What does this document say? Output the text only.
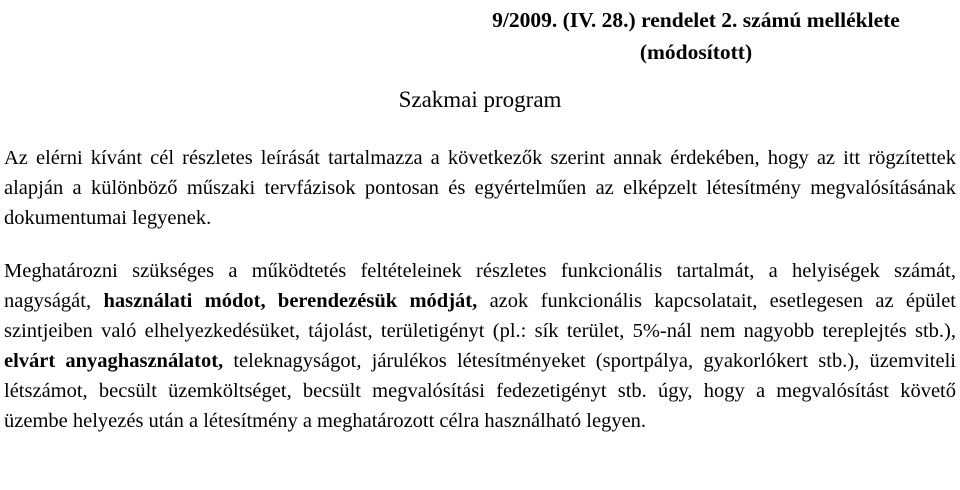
9/2009. (IV. 28.) rendelet 2. számú melléklete
(módosított)
Szakmai program
Az elérni kívánt cél részletes leírását tartalmazza a következők szerint annak érdekében, hogy az itt rögzítettek alapján a különböző műszaki tervfázisok pontosan és egyértelműen az elképzelt létesítmény megvalósításának dokumentumai legyenek.
Meghatározni szükséges a működtetés feltételeinek részletes funkcionális tartalmát, a helyiségek számát, nagyságát, használati módot, berendezésük módját, azok funkcionális kapcsolatait, esetlegesen az épület szintjeiben való elhelyezkedésüket, tájolást, területigényt (pl.: sík terület, 5%-nál nem nagyobb tereplejtés stb.), elvárt anyaghasználatot, teleknagyságot, járulékos létesítményeket (sportpálya, gyakorlókert stb.), üzemviteli létszámot, becsült üzemköltséget, becsült megvalósítási fedezetigényt stb. úgy, hogy a megvalósítást követő üzembe helyezés után a létesítmény a meghatározott célra használható legyen.
